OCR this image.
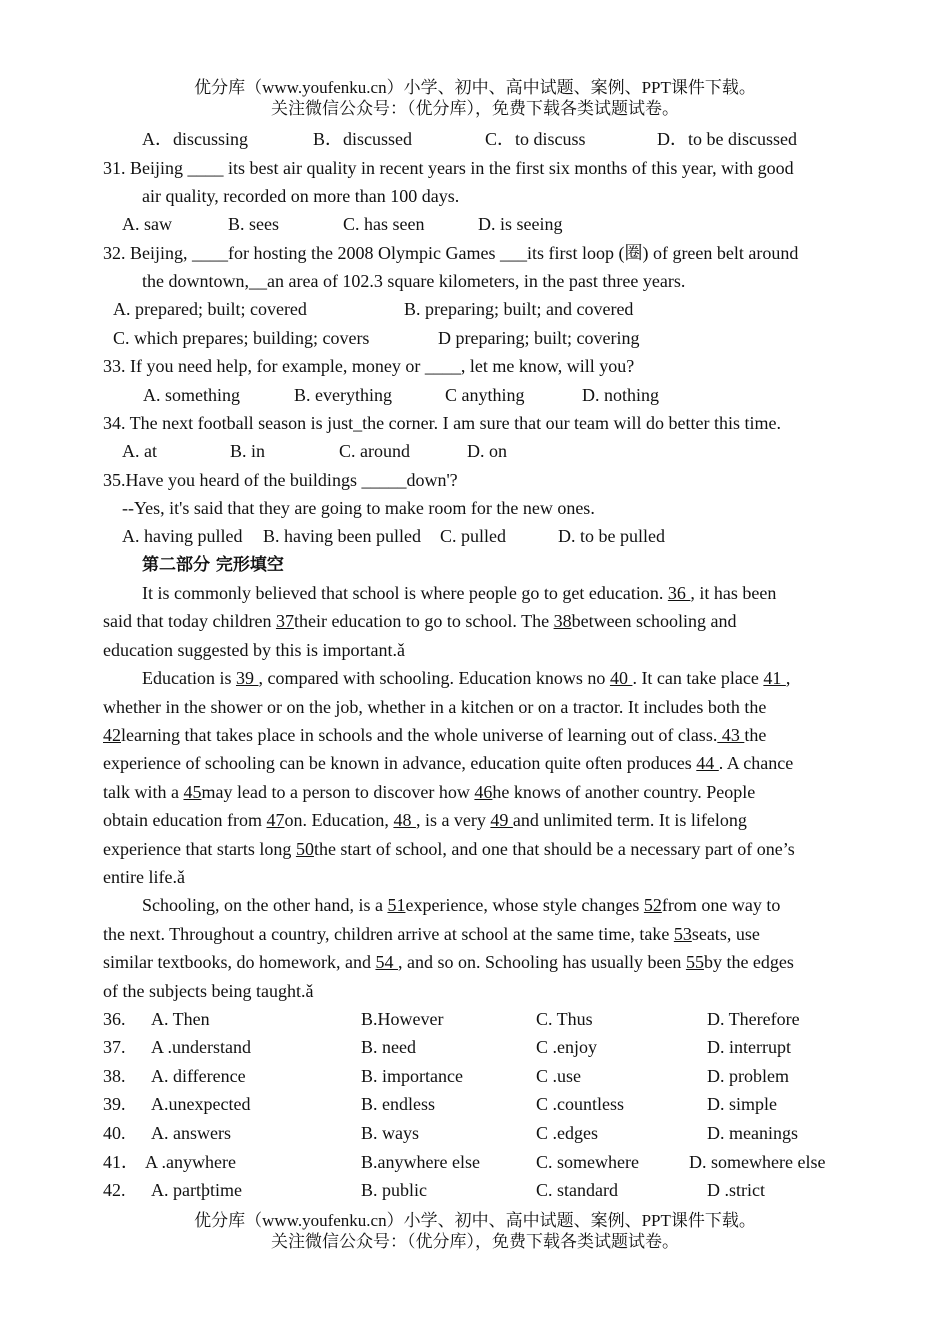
优分库（www.youfenku.cn）小学、初中、高中试题、案例、PPT课件下载。
关注微信公众号：（优分库），免费下载各类试题试卷。
A．discussing	B．discussed	C．to discuss	D．to be discussed
31. Beijing ____ its best air quality in recent years in the first six months of this year, with good
air quality, recorded on more than 100 days.
A. saw	B. sees	C. has seen	D. is seeing
32. Beijing, ____for hosting the 2008 Olympic Games ___its first loop (圈) of green belt around
the downtown,__an area of 102.3 square kilometers, in the past three years.
A. prepared; built; covered	B. preparing; built; and covered
C. which prepares; building; covers	D preparing; built; covering
33. If you need help, for example, money or ____, let me know, will you?
A. something	B. everything	C anything	D. nothing
34. The next football season is just_the corner. I am sure that our team will do better this time.
A. at	B. in	C. around	D. on
35.Have you heard of the buildings _____down'?
--Yes, it's said that they are going to make room for the new ones.
A. having pulled B. having been pulled C. pulled	D. to be pulled
第二部分 完形填空
It is commonly believed that school is where people go to get education. 36 , it has been
said that today children 37their education to go to school. The 38between schooling and
education suggested by this is important.ǎ
Education is 39 , compared with schooling. Education knows no 40 . It can take place 41 ,
whether in the shower or on the job, whether in a kitchen or on a tractor. It includes both the
42learning that takes place in schools and the whole universe of learning out of class. 43 the
experience of schooling can be known in advance, education quite often produces 44 . A chance
talk with a 45may lead to a person to discover how 46he knows of another country. People
obtain education from 47on. Education, 48 , is a very 49 and unlimited term. It is lifelong
experience that starts long 50the start of school, and one that should be a necessary part of one’s
entire life.ǎ
Schooling, on the other hand, is a 51experience, whose style changes 52from one way to
the next. Throughout a country, children arrive at school at the same time, take 53seats, use
similar textbooks, do homework, and 54 , and so on. Schooling has usually been 55by the edges
of the subjects being taught.ǎ
36. A. Then	B.However	C. Thus	D. Therefore
37. A .understand	B. need	C .enjoy	D. interrupt
38. A. difference	B. importance	C .use	D. problem
39. A.unexpected	B. endless	C .countless	D. simple
40. A. answers	B. ways	C .edges	D. meanings
41． A .anywhere	B.anywhere else	C. somewhere	D. somewhere else
42. A. partϸtime	B. public	C. standard	D .strict
优分库（www.youfenku.cn）小学、初中、高中试题、案例、PPT课件下载。
关注微信公众号：（优分库），免费下载各类试题试卷。
